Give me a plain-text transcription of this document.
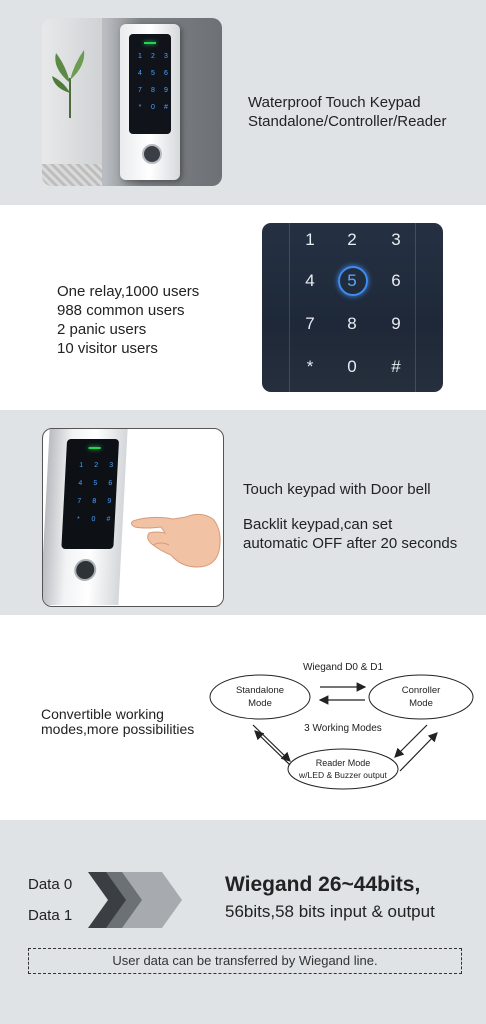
1	2	3
4	5	6
7	8	9
*	0	#	Waterproof Touch Keypad
Standalone/Controller/Reader
One relay,1000 users
988 common users
2 panic users
10 visitor users
1	2	3
4	5	6
7	8	9
*	0	#
1	2	3
4	5	6
7	8	9
*	0	#
Touch keypad with Door bell
Backlit keypad,can set
automatic OFF after 20 seconds
Convertible working
modes,more possibilities
Wiegand D0 & D1
Standalone
Mode
Conroller
Mode
Reader Mode
w/LED & Buzzer output
3 Working Modes
Data 0
Data 1
Wiegand 26~44bits,
56bits,58 bits input & output
User data can be transferred by Wiegand line.
